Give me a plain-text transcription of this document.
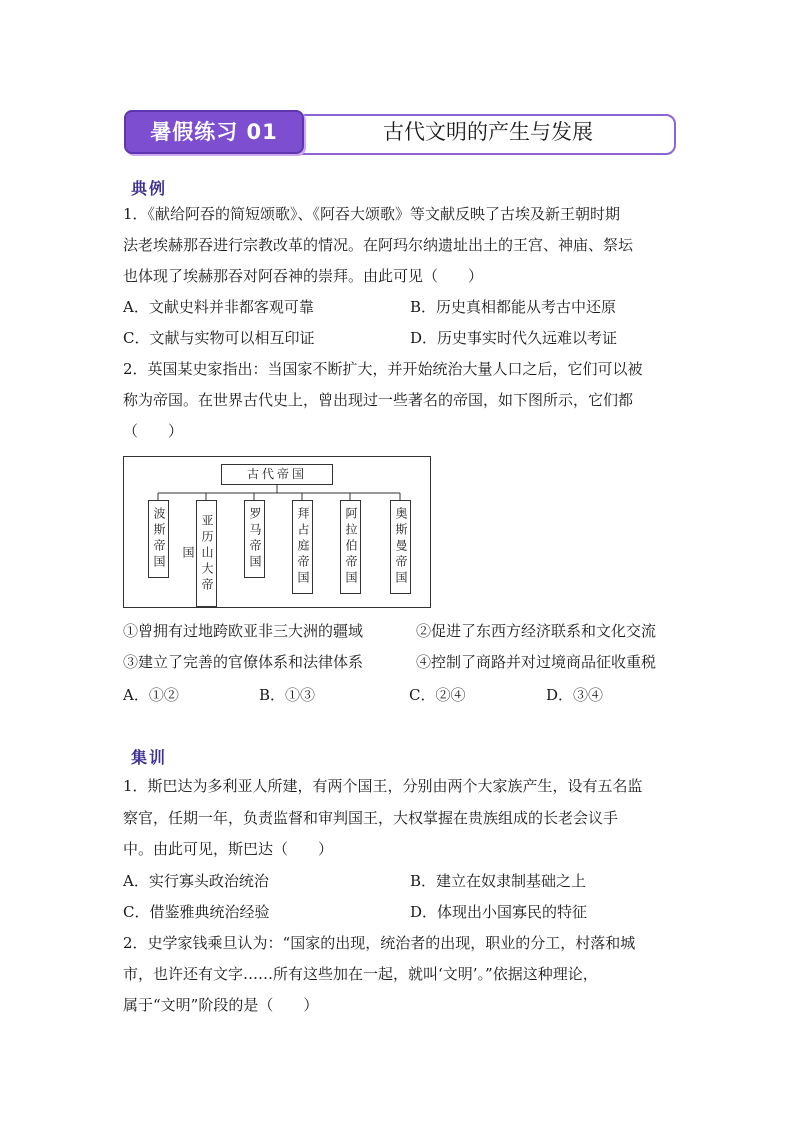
古代文明的产生与发展
暑假练习 01
典例
1．《献给阿吞的简短颂歌》、《阿吞大颂歌》等文献反映了古埃及新王朝时期
法老埃赫那吞进行宗教改革的情况。在阿玛尔纳遗址出土的王宫、神庙、祭坛
也体现了埃赫那吞对阿吞神的崇拜。由此可见（　　）
A．文献史料并非都客观可靠	B．历史真相都能从考古中还原
C．文献与实物可以相互印证	D．历史事实时代久远难以考证
2．英国某史家指出：当国家不断扩大，并开始统治大量人口之后，它们可以被
称为帝国。在世界古代史上，曾出现过一些著名的帝国，如下图所示，它们都
（　　）
古代帝国
波斯帝国	亚历山大帝国	罗马帝国	拜占庭帝国	阿拉伯帝国	奥斯曼帝国
①曾拥有过地跨欧亚非三大洲的疆域	②促进了东西方经济联系和文化交流
③建立了完善的官僚体系和法律体系	④控制了商路并对过境商品征收重税
A．①②	B．①③	C．②④	D．③④
集训
1．斯巴达为多利亚人所建，有两个国王，分别由两个大家族产生，设有五名监
察官，任期一年，负责监督和审判国王，大权掌握在贵族组成的长老会议手
中。由此可见，斯巴达（　　）
A．实行寡头政治统治	B．建立在奴隶制基础之上
C．借鉴雅典统治经验	D．体现出小国寡民的特征
2．史学家钱乘旦认为：“国家的出现，统治者的出现，职业的分工，村落和城
市，也许还有文字……所有这些加在一起，就叫‘文明’。”依据这种理论，
属于“文明”阶段的是（　　）
